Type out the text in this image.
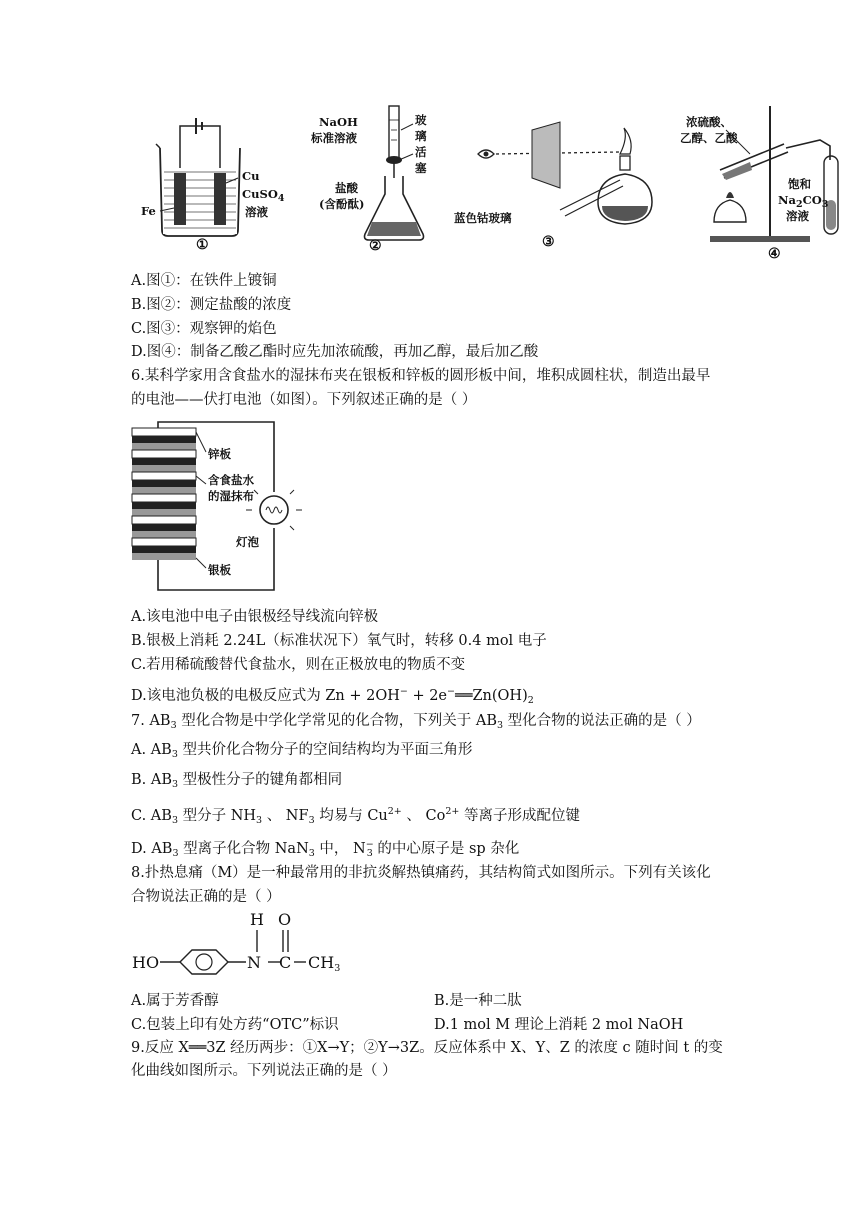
Cu
CuSO$_4$
溶液
Fe
①
NaOH
标准溶液
玻
璃
活
塞
盐酸
(含酚酞)
②
蓝色钴玻璃
③
浓硫酸、
乙醇、乙酸
饱和
$Na_2CO_3$
溶液
④
A.图①：在铁件上镀铜
B.图②：测定盐酸的浓度
C.图③：观察钾的焰色
D.图④：制备乙酸乙酯时应先加浓硫酸，再加乙醇，最后加乙酸
6.某科学家用含食盐水的湿抹布夹在银板和锌板的圆形板中间，堆积成圆柱状，制造出最早
的电池——伏打电池（如图）。下列叙述正确的是（ ）
锌板
含食盐水
的湿抹布
灯泡
银板
A.该电池中电子由银极经导线流向锌极
B.银极上消耗 2.24L（标准状况下）氧气时，转移 0.4 mol 电子
C.若用稀硫酸替代食盐水，则在正极放电的物质不变
D.该电池负极的电极反应式为 $Zn + 2OH^- + 2e^-══Zn(OH)_2$
7. $AB_3$ 型化合物是中学化学常见的化合物，下列关于 $AB_3$ 型化合物的说法正确的是（ ）
A. $AB_3$ 型共价化合物分子的空间结构均为平面三角形
B. $AB_3$ 型极性分子的键角都相同
C. $AB_3$ 型分子 $NH_3$ 、 $NF_3$ 均易与 $Cu^{2+}$ 、 $Co^{2+}$ 等离子形成配位键
D. $AB_3$ 型离子化合物 NaN$_3$ 中， $N^-_3$ 的中心原子是 sp 杂化
8.扑热息痛（M）是一种最常用的非抗炎解热镇痛药，其结构简式如图所示。下列有关该化
合物说法正确的是（ ）
HO	N
H
C
O
$CH_3$
A.属于芳香醇	B.是一种二肽
C.包装上印有处方药“OTC”标识	D.1 mol M 理论上消耗 2 mol NaOH
9.反应 X══3Z 经历两步：①X→Y；②Y→3Z。反应体系中 X、Y、Z 的浓度 c 随时间 t 的变
化曲线如图所示。下列说法正确的是（ ）
